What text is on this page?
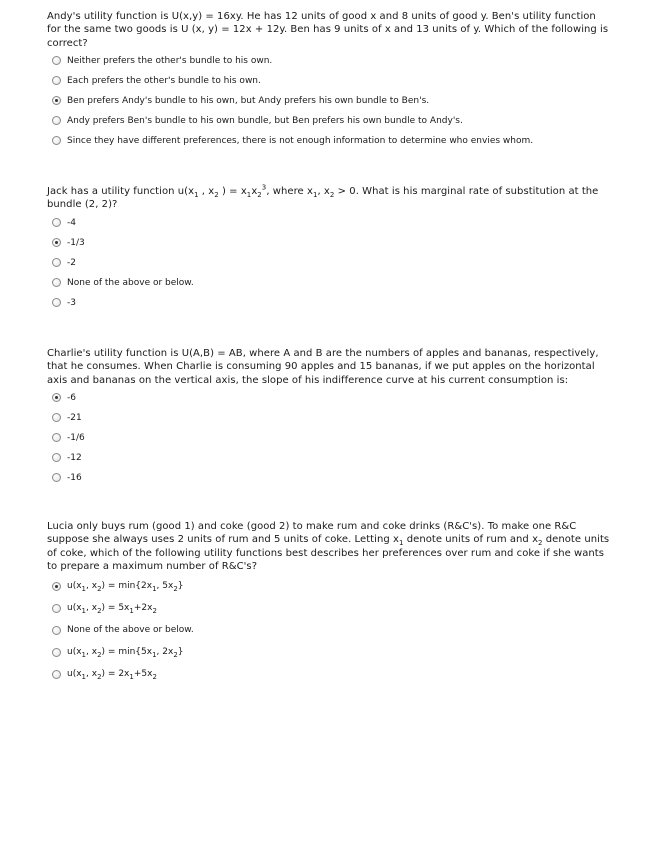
Andy's utility function is U(x,y) = 16xy. He has 12 units of good x and 8 units of good y. Ben's utility function for the same two goods is U (x, y) = 12x + 12y. Ben has 9 units of x and 13 units of y. Which of the following is correct?

Neither prefers the other's bundle to his own.
Each prefers the other's bundle to his own.
Ben prefers Andy's bundle to his own, but Andy prefers his own bundle to Ben's.
Andy prefers Ben's bundle to his own bundle, but Ben prefers his own bundle to Andy's.
Since they have different preferences, there is not enough information to determine who envies whom.

Jack has a utility function $u(x_1$ , $x_2$ ) = $x_1x_2^3$, where $x_1$, $x_2 > 0$. What is his marginal rate of substitution at the bundle (2, 2)?

-4
-1/3
-2
None of the above or below.
-3

Charlie's utility function is U(A,B) = AB, where A and B are the numbers of apples and bananas, respectively, that he consumes. When Charlie is consuming 90 apples and 15 bananas, if we put apples on the horizontal axis and bananas on the vertical axis, the slope of his indifference curve at his current consumption is:

-6
-21
-1/6
-12
-16

Lucia only buys rum (good 1) and coke (good 2) to make rum and coke drinks (R&C's). To make one R&C suppose she always uses 2 units of rum and 5 units of coke. Letting $x_1$ denote units of rum and $x_2$ denote units of coke, which of the following utility functions best describes her preferences over rum and coke if she wants to prepare a maximum number of R&C's?

$u(x_1$, $x_2) = \min\{2x_1$, $5x_2$}
$u(x_1$, $x_2) = 5x_1+2x_2$
None of the above or below.
$u(x_1$, $x_2) = \min\{5x_1$, $2x_2$}
$u(x_1$, $x_2) = 2x_1+5x_2$
